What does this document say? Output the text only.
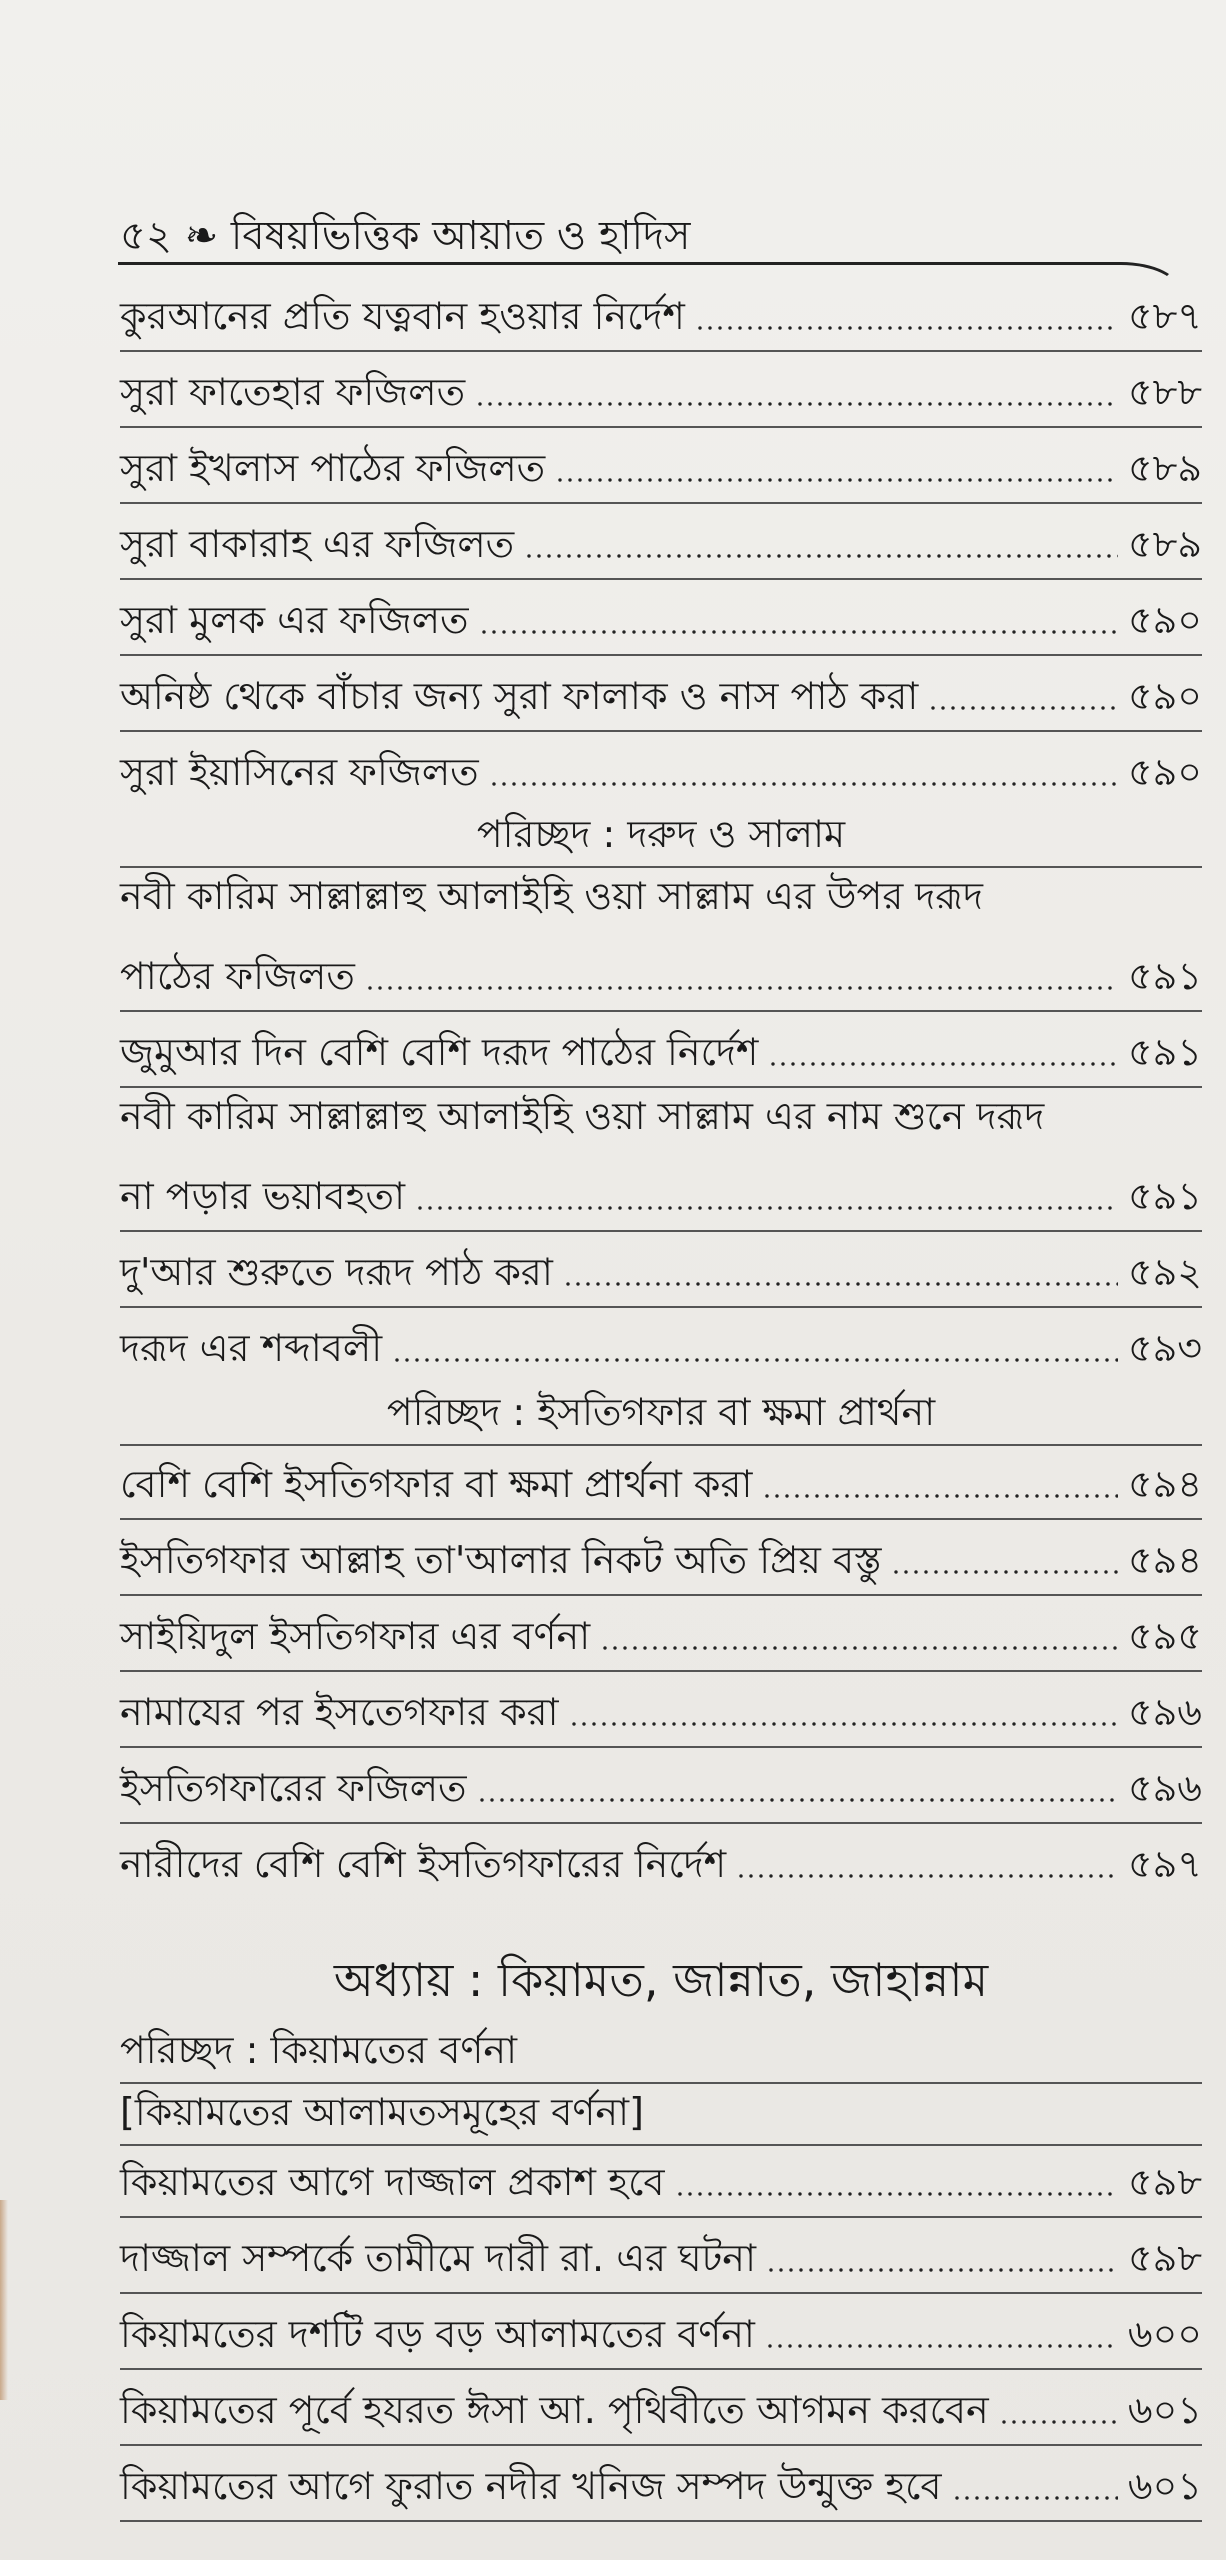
৫২ ❧ বিষয়ভিত্তিক আয়াত ও হাদিস
কুরআনের প্রতি যত্নবান হওয়ার নির্দেশ	৫৮৭
সুরা ফাতেহার ফজিলত	৫৮৮
সুরা ইখলাস পাঠের ফজিলত	৫৮৯
সুরা বাকারাহ এর ফজিলত	৫৮৯
সুরা মুলক এর ফজিলত	৫৯০
অনিষ্ঠ থেকে বাঁচার জন্য সুরা ফালাক ও নাস পাঠ করা	৫৯০
সুরা ইয়াসিনের ফজিলত	৫৯০
পরিচ্ছদ : দরুদ ও সালাম
নবী কারিম সাল্লাল্লাহু আলাইহি ওয়া সাল্লাম এর উপর দরূদ
পাঠের ফজিলত	৫৯১
জুমুআর দিন বেশি বেশি দরূদ পাঠের নির্দেশ	৫৯১
নবী কারিম সাল্লাল্লাহু আলাইহি ওয়া সাল্লাম এর নাম শুনে দরূদ
না পড়ার ভয়াবহতা	৫৯১
দু'আর শুরুতে দরূদ পাঠ করা	৫৯২
দরূদ এর শব্দাবলী	৫৯৩
পরিচ্ছদ : ইসতিগফার বা ক্ষমা প্রার্থনা
বেশি বেশি ইসতিগফার বা ক্ষমা প্রার্থনা করা	৫৯৪
ইসতিগফার আল্লাহ তা'আলার নিকট অতি প্রিয় বস্তু	৫৯৪
সাইয়িদুল ইসতিগফার এর বর্ণনা	৫৯৫
নামাযের পর ইসতেগফার করা	৫৯৬
ইসতিগফারের ফজিলত	৫৯৬
নারীদের বেশি বেশি ইসতিগফারের নির্দেশ	৫৯৭
অধ্যায় : কিয়ামত, জান্নাত, জাহান্নাম
পরিচ্ছদ : কিয়ামতের বর্ণনা
[কিয়ামতের আলামতসমূহের বর্ণনা]
কিয়ামতের আগে দাজ্জাল প্রকাশ হবে	৫৯৮
দাজ্জাল সম্পর্কে তামীমে দারী রা. এর ঘটনা	৫৯৮
কিয়ামতের দশটি বড় বড় আলামতের বর্ণনা	৬০০
কিয়ামতের পূর্বে হযরত ঈসা আ. পৃথিবীতে আগমন করবেন	৬০১
কিয়ামতের আগে ফুরাত নদীর খনিজ সম্পদ উন্মুক্ত হবে	৬০১
